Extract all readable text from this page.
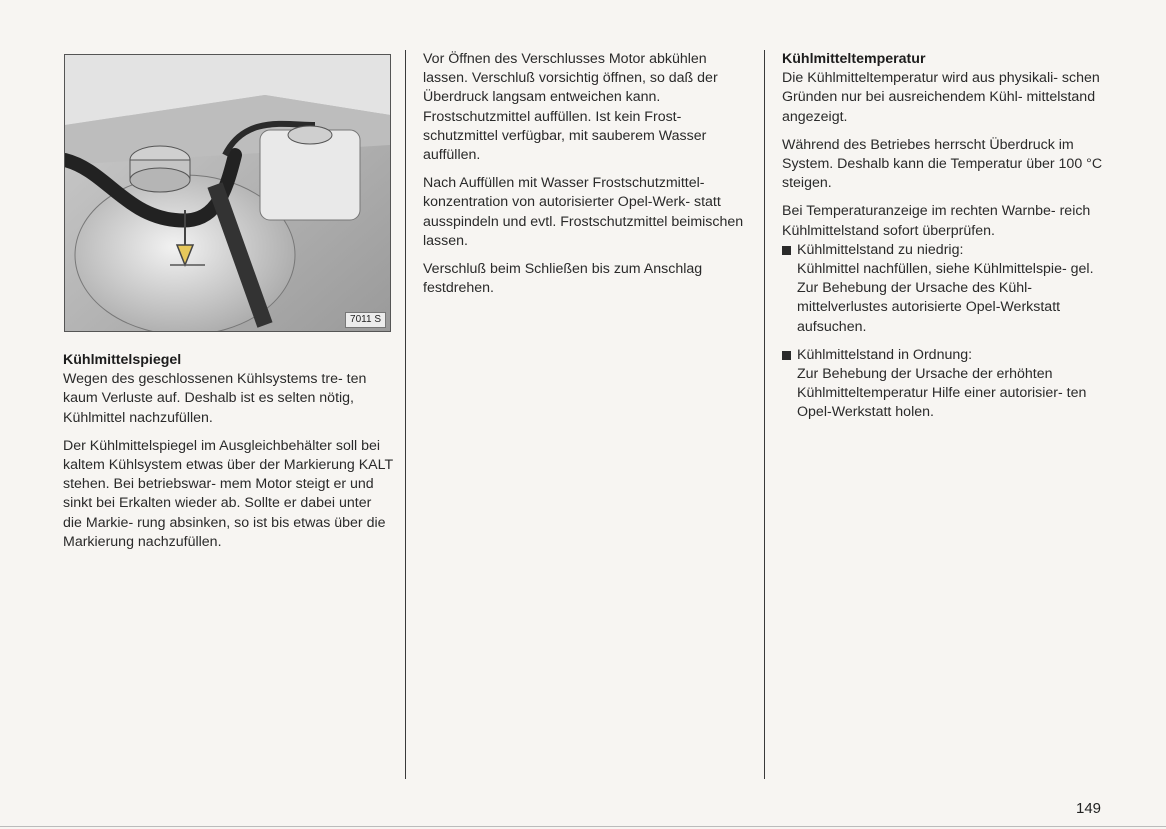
7011 S
Kühlmittelspiegel

Wegen des geschlossenen Kühlsystems tre- ten kaum Verluste auf. Deshalb ist es selten nötig, Kühlmittel nachzufüllen.

Der Kühlmittelspiegel im Ausgleichbehälter soll bei kaltem Kühlsystem etwas über der Markierung KALT stehen. Bei betriebswar- mem Motor steigt er und sinkt bei Erkalten wieder ab. Sollte er dabei unter die Markie- rung absinken, so ist bis etwas über die Markierung nachzufüllen.

Vor Öffnen des Verschlusses Motor abkühlen lassen. Verschluß vorsichtig öffnen, so daß der Überdruck langsam entweichen kann. Frostschutzmittel auffüllen. Ist kein Frost- schutzmittel verfügbar, mit sauberem Wasser auffüllen.

Nach Auffüllen mit Wasser Frostschutzmittel- konzentration von autorisierter Opel-Werk- statt ausspindeln und evtl. Frostschutzmittel beimischen lassen.

Verschluß beim Schließen bis zum Anschlag festdrehen.

Kühlmitteltemperatur

Die Kühlmitteltemperatur wird aus physikali- schen Gründen nur bei ausreichendem Kühl- mittelstand angezeigt.

Während des Betriebes herrscht Überdruck im System. Deshalb kann die Temperatur über 100 °C steigen.

Bei Temperaturanzeige im rechten Warnbe- reich Kühlmittelstand sofort überprüfen.

Kühlmittelstand zu niedrig:
Kühlmittel nachfüllen, siehe Kühlmittelspie- gel. Zur Behebung der Ursache des Kühl- mittelverlustes autorisierte Opel-Werkstatt aufsuchen.
Kühlmittelstand in Ordnung:
Zur Behebung der Ursache der erhöhten Kühlmitteltemperatur Hilfe einer autorisier- ten Opel-Werkstatt holen.
149
